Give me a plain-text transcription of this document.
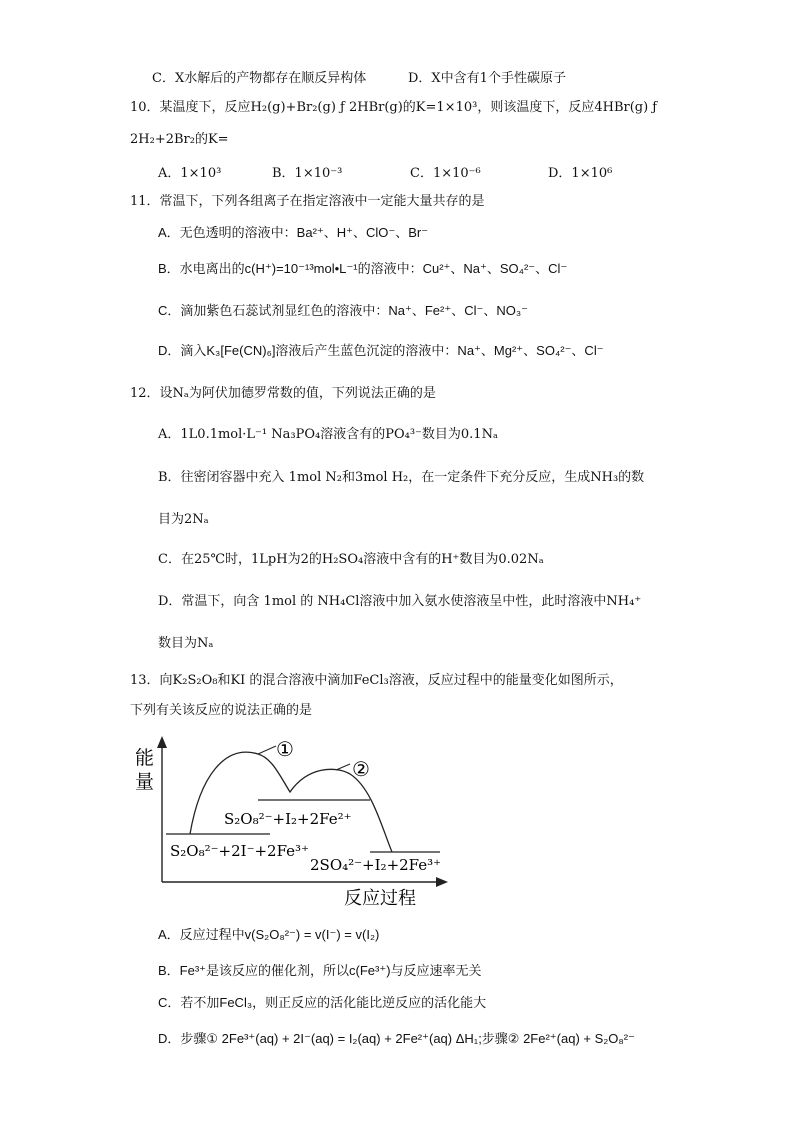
C．X水解后的产物都存在顺反异构体	D．X中含有1个手性碳原子
10．某温度下，反应H₂(g)+Br₂(g) ƒ 2HBr(g)的K=1×10³，则该温度下，反应4HBr(g) ƒ
2H₂+2Br₂的K=
A．1×10³	B．1×10⁻³	C．1×10⁻⁶	D．1×10⁶
11．常温下，下列各组离子在指定溶液中一定能大量共存的是
A．无色透明的溶液中：Ba²⁺、H⁺、ClO⁻、Br⁻
B．水电离出的c(H⁺)=10⁻¹³mol•L⁻¹的溶液中：Cu²⁺、Na⁺、SO₄²⁻、Cl⁻
C．滴加紫色石蕊试剂显红色的溶液中：Na⁺、Fe²⁺、Cl⁻、NO₃⁻
D．滴入K₃[Fe(CN)₆]溶液后产生蓝色沉淀的溶液中：Na⁺、Mg²⁺、SO₄²⁻、Cl⁻
12．设Nₐ为阿伏加德罗常数的值，下列说法正确的是
A．1L0.1mol·L⁻¹ Na₃PO₄溶液含有的PO₄³⁻数目为0.1Nₐ
B．往密闭容器中充入 1mol N₂和3mol H₂，在一定条件下充分反应，生成NH₃的数
目为2Nₐ
C．在25℃时，1LpH为2的H₂SO₄溶液中含有的H⁺数目为0.02Nₐ
D．常温下，向含 1mol 的 NH₄Cl溶液中加入氨水使溶液呈中性，此时溶液中NH₄⁺
数目为Nₐ
13．向K₂S₂O₈和KI 的混合溶液中滴加FeCl₃溶液，反应过程中的能量变化如图所示，
下列有关该反应的说法正确的是
能 量
反应过程
①
②
S₂O₈²⁻+I₂+2Fe²⁺
S₂O₈²⁻+2I⁻+2Fe³⁺
2SO₄²⁻+I₂+2Fe³⁺
A．反应过程中v(S₂O₈²⁻) = v(I⁻) = v(I₂)
B．Fe³⁺是该反应的催化剂，所以c(Fe³⁺)与反应速率无关
C．若不加FeCl₃，则正反应的活化能比逆反应的活化能大
D．步骤① 2Fe³⁺(aq) + 2I⁻(aq) = I₂(aq) + 2Fe²⁺(aq) ΔH₁;步骤② 2Fe²⁺(aq) + S₂O₈²⁻
